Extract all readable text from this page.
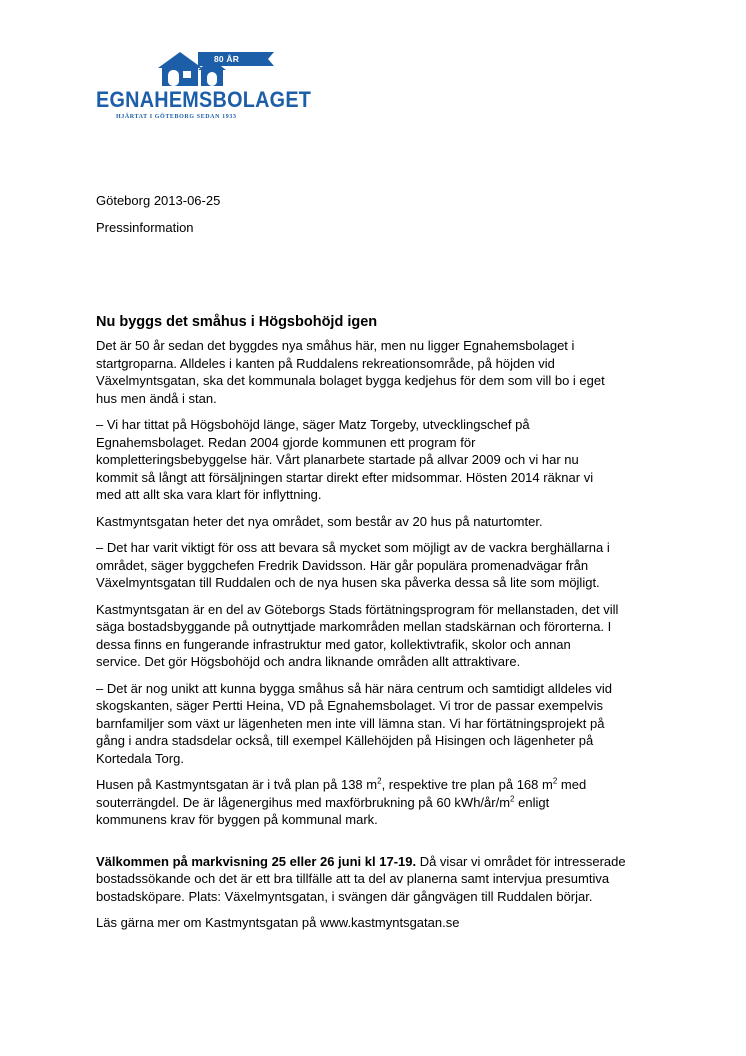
80 ÅR
EGNAHEMSBOLAGET
HJÄRTAT I GÖTEBORG SEDAN 1933
Göteborg 2013-06-25
Pressinformation
Nu byggs det småhus i Högsbohöjd igen

Det är 50 år sedan det byggdes nya småhus här, men nu ligger Egnahemsbolaget i
startgroparna. Alldeles i kanten på Ruddalens rekreationsområde, på höjden vid
Växelmyntsgatan, ska det kommunala bolaget bygga kedjehus för dem som vill bo i eget
hus men ändå i stan.

– Vi har tittat på Högsbohöjd länge, säger Matz Torgeby, utvecklingschef på
Egnahemsbolaget. Redan 2004 gjorde kommunen ett program för
kompletteringsbebyggelse här. Vårt planarbete startade på allvar 2009 och vi har nu
kommit så långt att försäljningen startar direkt efter midsommar. Hösten 2014 räknar vi
med att allt ska vara klart för inflyttning.

Kastmyntsgatan heter det nya området, som består av 20 hus på naturtomter.

– Det har varit viktigt för oss att bevara så mycket som möjligt av de vackra berghällarna i
området, säger byggchefen Fredrik Davidsson. Här går populära promenadvägar från
Växelmyntsgatan till Ruddalen och de nya husen ska påverka dessa så lite som möjligt.

Kastmyntsgatan är en del av Göteborgs Stads förtätningsprogram för mellanstaden, det vill
säga bostadsbyggande på outnyttjade markområden mellan stadskärnan och förorterna. I
dessa finns en fungerande infrastruktur med gator, kollektivtrafik, skolor och annan
service. Det gör Högsbohöjd och andra liknande områden allt attraktivare.

– Det är nog unikt att kunna bygga småhus så här nära centrum och samtidigt alldeles vid
skogskanten, säger Pertti Heina, VD på Egnahemsbolaget. Vi tror de passar exempelvis
barnfamiljer som växt ur lägenheten men inte vill lämna stan. Vi har förtätningsprojekt på
gång i andra stadsdelar också, till exempel Källehöjden på Hisingen och lägenheter på
Kortedala Torg.

Husen på Kastmyntsgatan är i två plan på 138 $m^2$, respektive tre plan på 168 $m^2$ med
souterrängdel. De är lågenergihus med maxförbrukning på 60 kWh/$år/m^2$ enligt
kommunens krav för byggen på kommunal mark.

Välkommen på markvisning 25 eller 26 juni kl 17-19. Då visar vi området för intresserade
bostadssökande och det är ett bra tillfälle att ta del av planerna samt intervjua presumtiva
bostadsköpare. Plats: Växelmyntsgatan, i svängen där gångvägen till Ruddalen börjar.

Läs gärna mer om Kastmyntsgatan på www.kastmyntsgatan.se
